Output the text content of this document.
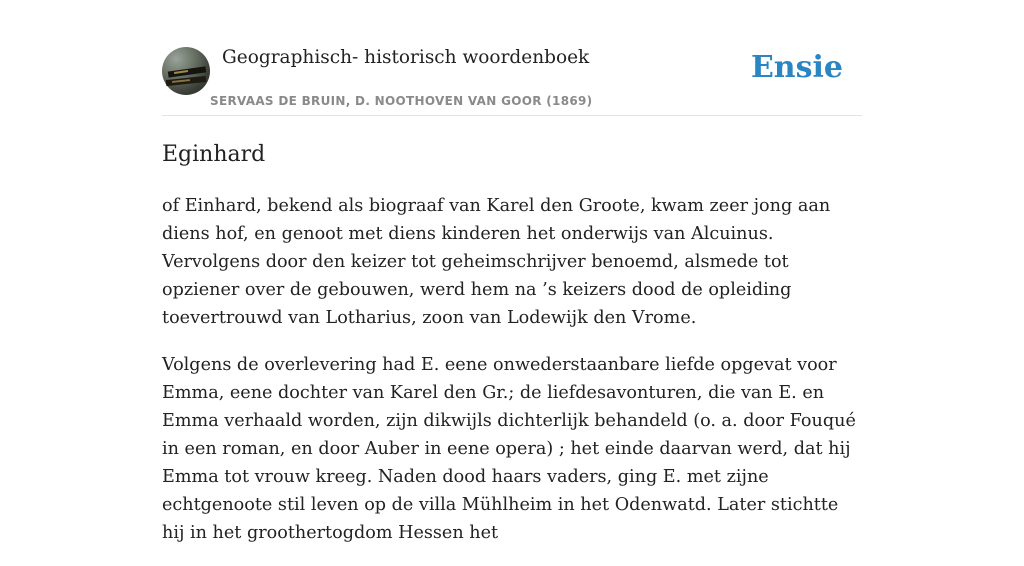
Geographisch- historisch woordenboek
SERVAAS DE BRUIN, D. NOOTHOVEN VAN GOOR (1869)
Ensie
Eginhard

of Einhard, bekend als biograaf van Karel den Groote, kwam zeer jong aan diens hof, en genoot met diens kinderen het onderwijs van Alcuinus. Vervolgens door den keizer tot geheimschrijver benoemd, alsmede tot opziener over de gebouwen, werd hem na ’s keizers dood de opleiding toevertrouwd van Lotharius, zoon van Lodewijk den Vrome.

Volgens de overlevering had E. eene onwederstaanbare liefde opgevat voor Emma, eene dochter van Karel den Gr.; de liefdesavonturen, die van E. en Emma verhaald worden, zijn dikwijls dichterlijk behandeld (o. a. door Fouqué in een roman, en door Auber in eene opera) ; het einde daarvan werd, dat hij Emma tot vrouw kreeg. Naden dood haars vaders, ging E. met zijne echtgenoote stil leven op de villa Mühlheim in het Odenwatd. Later stichtte hij in het groothertogdom Hessen het
